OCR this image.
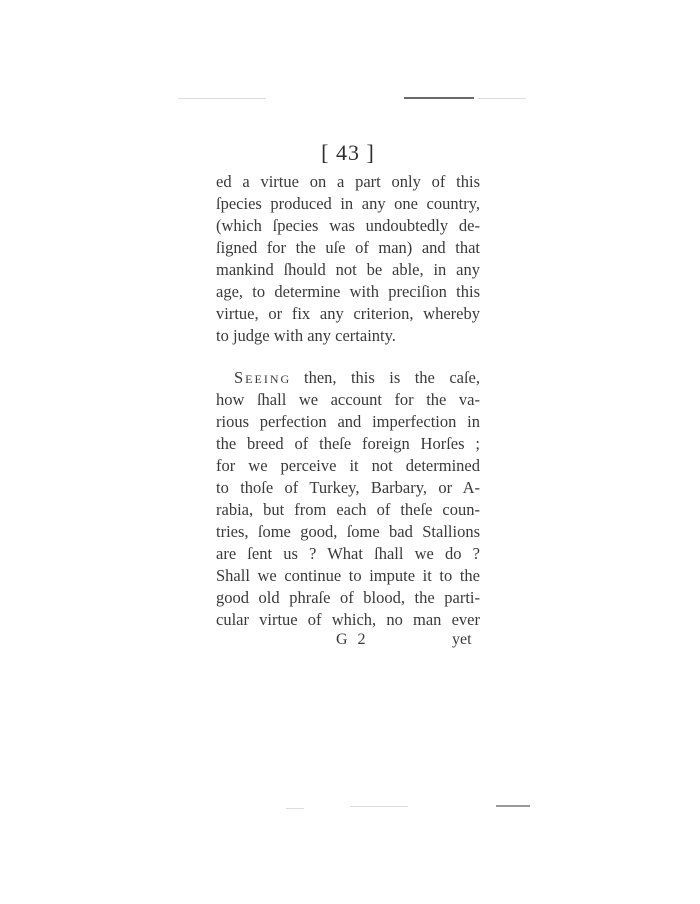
[ 43 ]
ed a virtue on a part only of this
ſpecies produced in any one country,
(which ſpecies was undoubtedly de-
ſigned for the uſe of man) and that
mankind ſhould not be able, in any
age, to determine with preciſion this
virtue, or fix any criterion, whereby
to judge with any certainty.
Seeing then, this is the caſe,
how ſhall we account for the va-
rious perfection and imperfection in
the breed of theſe foreign Horſes ;
for we perceive it not determined
to thoſe of Turkey, Barbary, or A-
rabia, but from each of theſe coun-
tries, ſome good, ſome bad Stallions
are ſent us ? What ſhall we do ?
Shall we continue to impute it to the
good old phraſe of blood, the parti-
cular virtue of which, no man ever
G 2	yet
